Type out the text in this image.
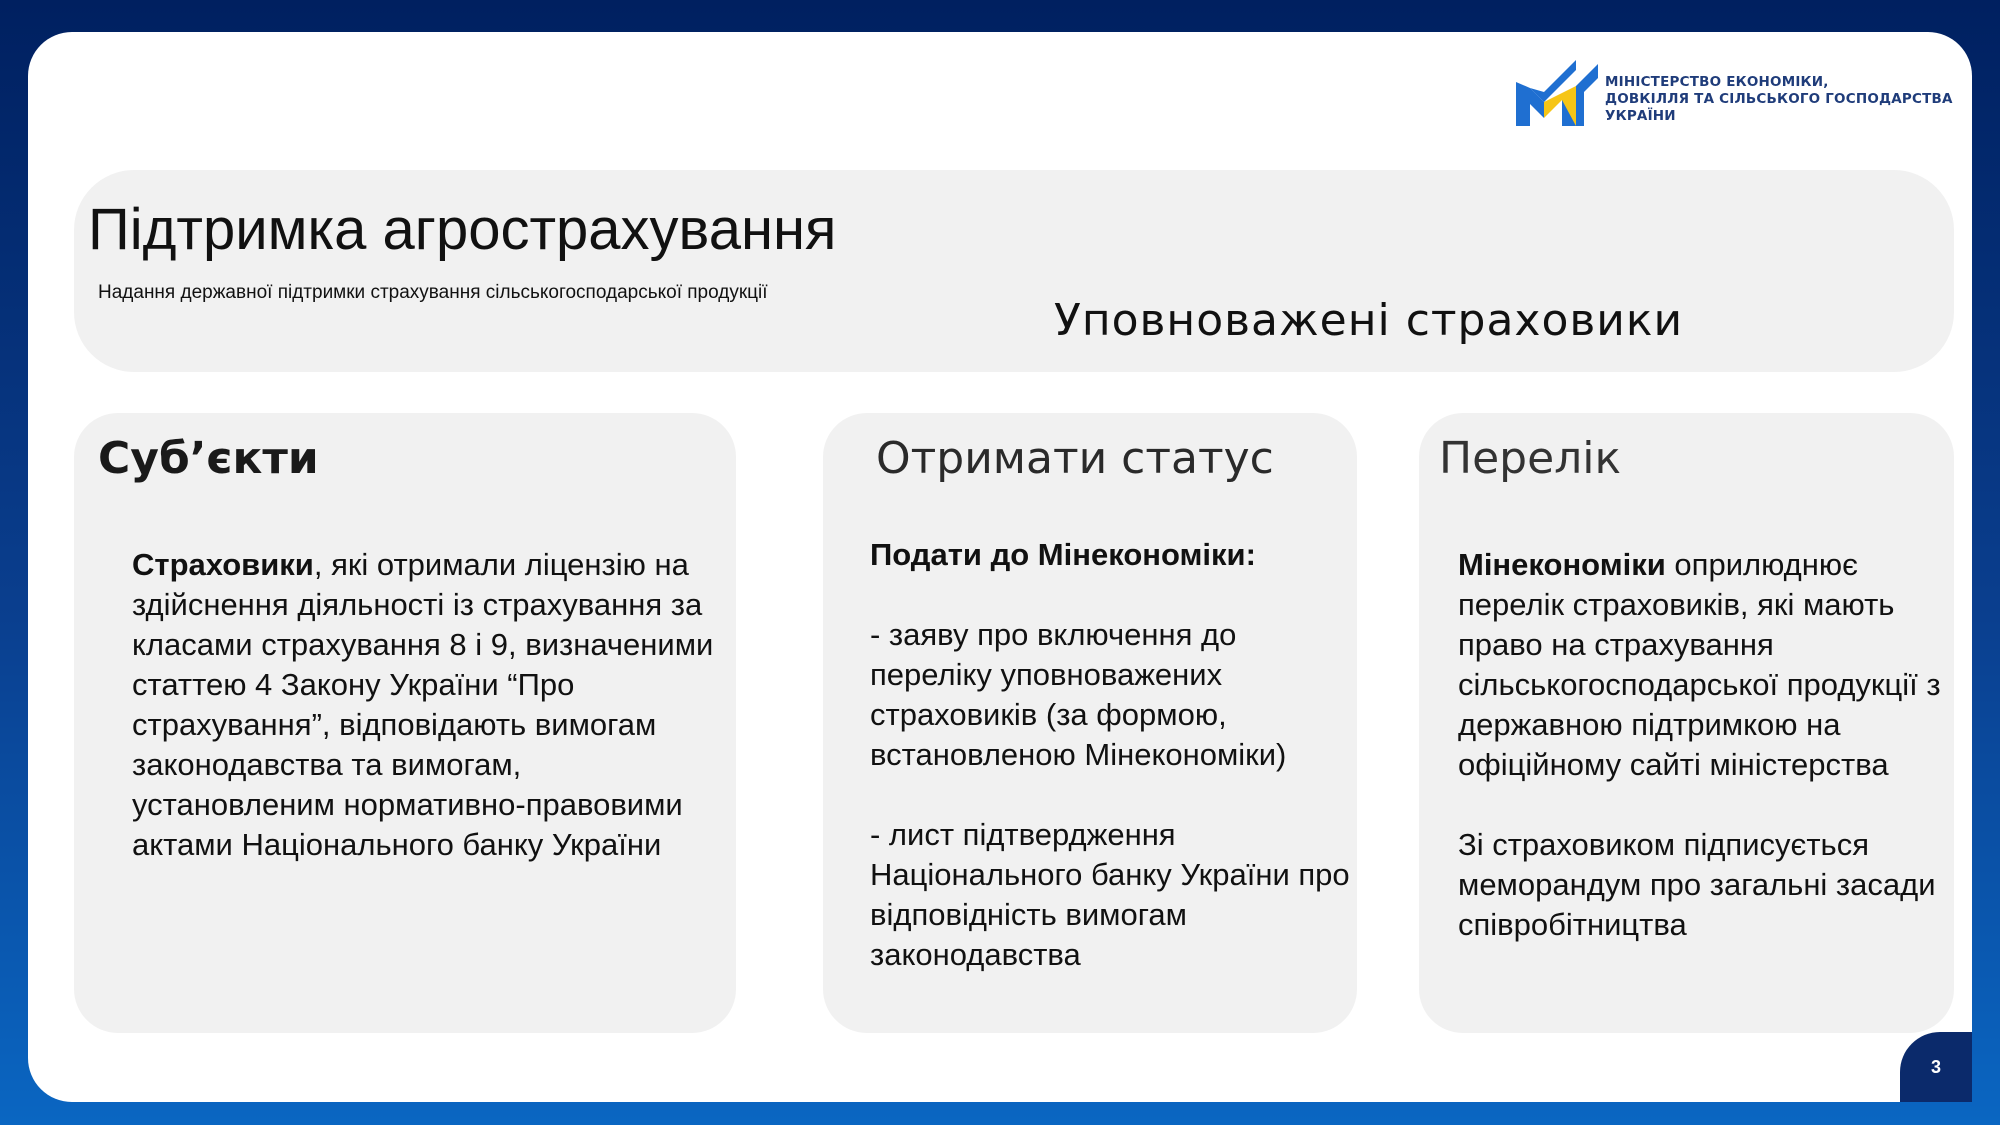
МІНІСТЕРСТВО ЕКОНОМІКИ,
ДОВКІЛЛЯ ТА СІЛЬСЬКОГО ГОСПОДАРСТВА
УКРАЇНИ
Підтримка агрострахування
Надання державної підтримки страхування сільськогосподарської продукції
Уповноважені страховики
Суб’єкти

Страховики, які отримали ліцензію на здійснення діяльності із страхування за класами страхування 8 і 9, визначеними статтею 4 Закону України “Про страхування”, відповідають вимогам законодавства та вимогам, установленим нормативно-правовими актами Національного банку України

Отримати статус

Подати до Мінекономіки:

- заяву про включення до переліку уповноважених страховиків (за формою, встановленою Мінекономіки)

- лист підтвердження Національного банку України про відповідність вимогам законодавства

Перелік

Мінекономіки оприлюднює перелік страховиків, які мають право на страхування сільськогосподарської продукції з державною підтримкою на офіційному сайті міністерства

Зі страховиком підписується меморандум про загальні засади співробітництва

3
